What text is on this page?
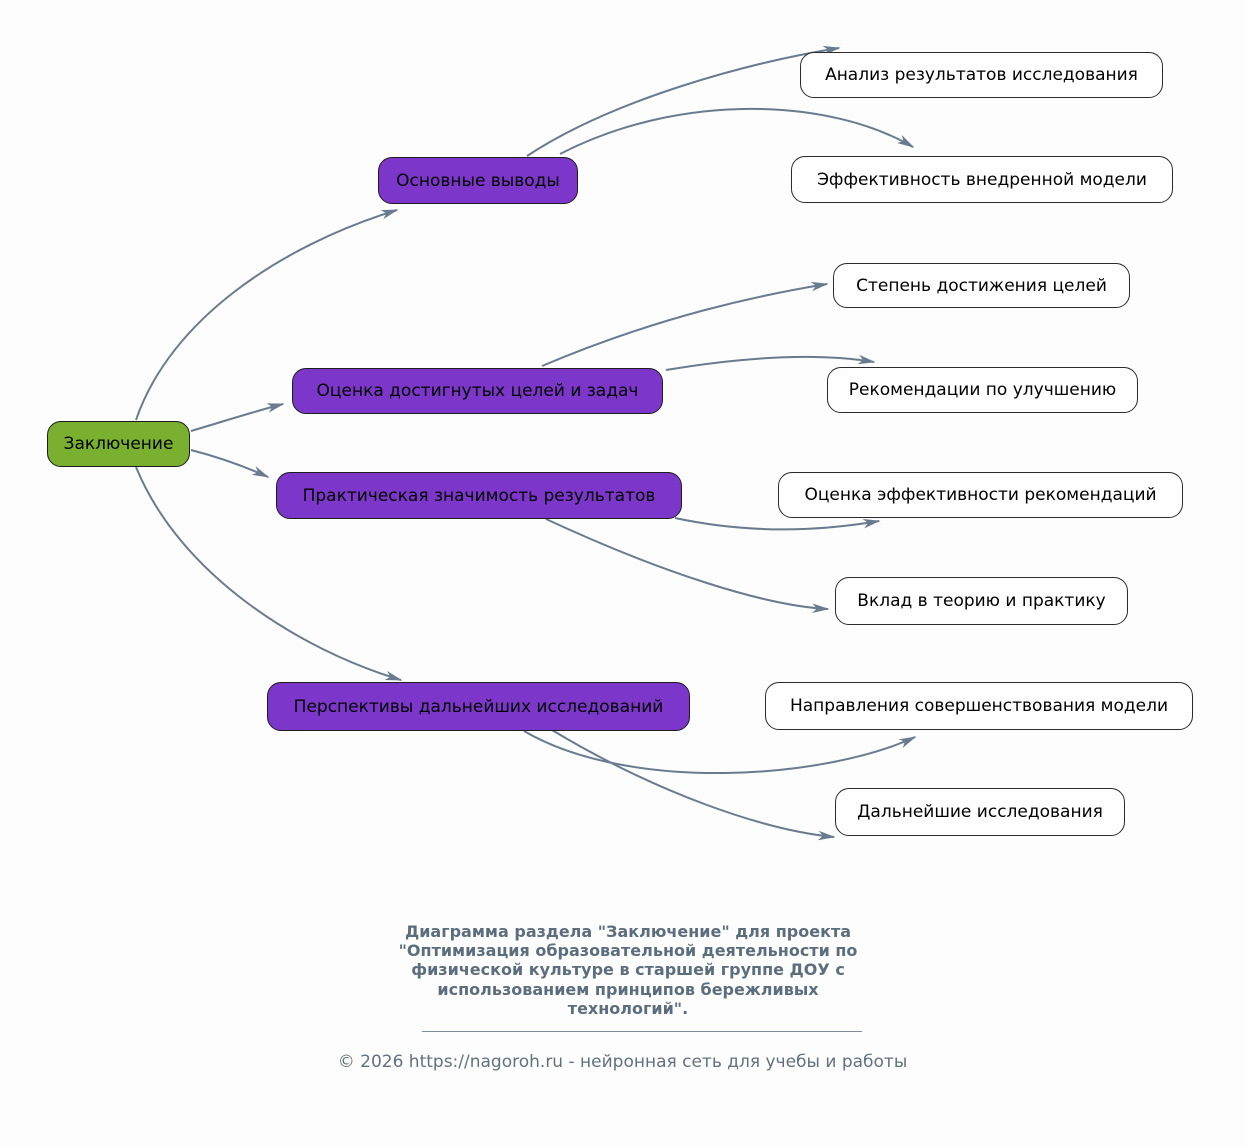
Заключение
Основные выводы
Оценка достигнутых целей и задач
Практическая значимость результатов
Перспективы дальнейших исследований
Анализ результатов исследования
Эффективность внедренной модели
Степень достижения целей
Рекомендации по улучшению
Оценка эффективности рекомендаций
Вклад в теорию и практику
Направления совершенствования модели
Дальнейшие исследования
Диаграмма раздела "Заключение" для проекта
"Оптимизация образовательной деятельности по
физической культуре в старшей группе ДОУ с
использованием принципов бережливых
технологий".
© 2026 https://nagoroh.ru - нейронная сеть для учебы и работы
